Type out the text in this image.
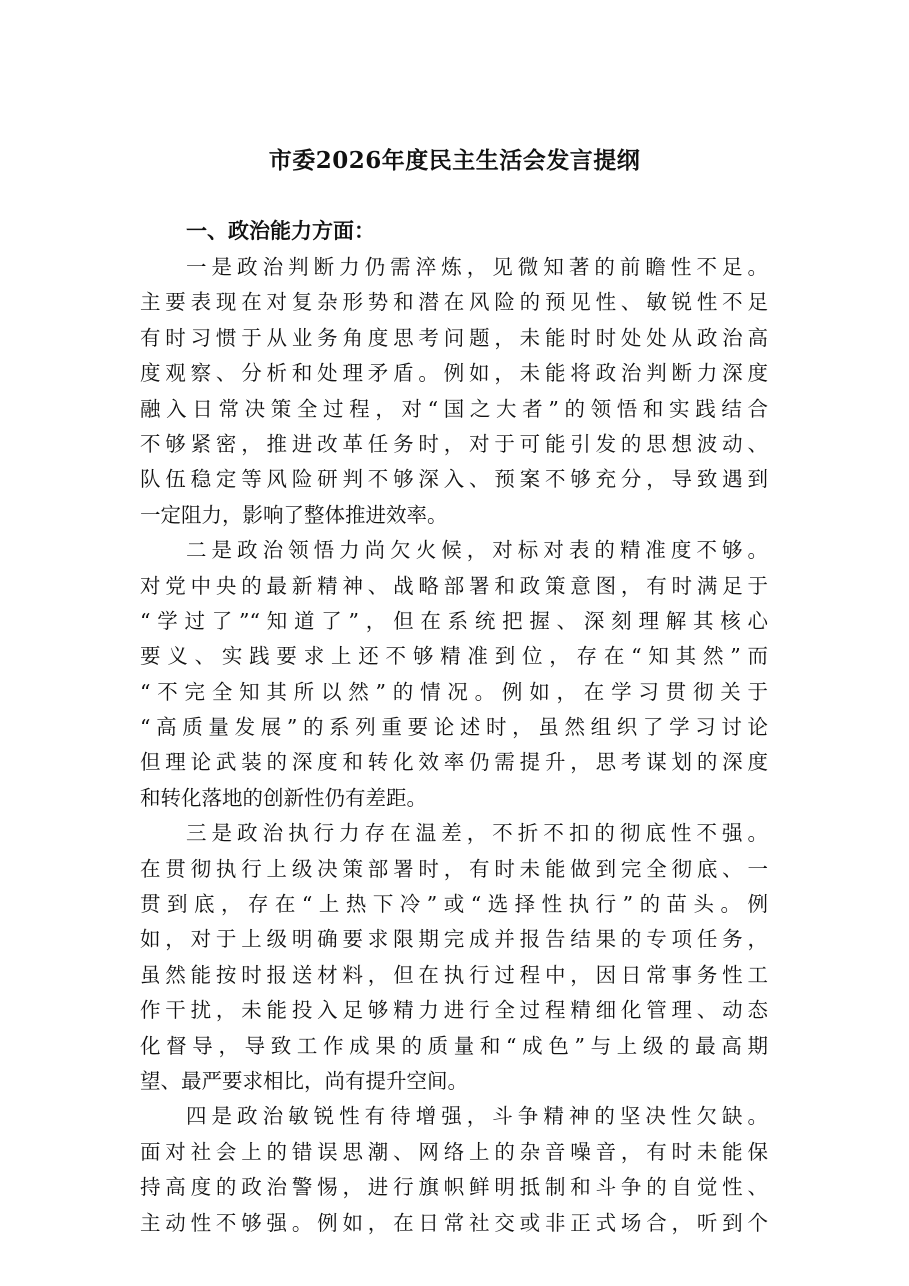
市委2026年度民主生活会发言提纲
一、政治能力方面：
一是政治判断力仍需淬炼，见微知著的前瞻性不足。
主要表现在对复杂形势和潜在风险的预见性、敏锐性不足
有时习惯于从业务角度思考问题，未能时时处处从政治高
度观察、分析和处理矛盾。例如，未能将政治判断力深度
融入日常决策全过程，对“国之大者”的领悟和实践结合
不够紧密，推进改革任务时，对于可能引发的思想波动、
队伍稳定等风险研判不够深入、预案不够充分，导致遇到
一定阻力，影响了整体推进效率。
二是政治领悟力尚欠火候，对标对表的精准度不够。
对党中央的最新精神、战略部署和政策意图，有时满足于
“学过了”“知道了”，但在系统把握、深刻理解其核心
要义、实践要求上还不够精准到位，存在“知其然”而
“不完全知其所以然”的情况。例如，在学习贯彻关于
“高质量发展”的系列重要论述时，虽然组织了学习讨论
但理论武装的深度和转化效率仍需提升，思考谋划的深度
和转化落地的创新性仍有差距。
三是政治执行力存在温差，不折不扣的彻底性不强。
在贯彻执行上级决策部署时，有时未能做到完全彻底、一
贯到底，存在“上热下冷”或“选择性执行”的苗头。例
如，对于上级明确要求限期完成并报告结果的专项任务，
虽然能按时报送材料，但在执行过程中，因日常事务性工
作干扰，未能投入足够精力进行全过程精细化管理、动态
化督导，导致工作成果的质量和“成色”与上级的最高期
望、最严要求相比，尚有提升空间。
四是政治敏锐性有待增强，斗争精神的坚决性欠缺。
面对社会上的错误思潮、网络上的杂音噪音，有时未能保
持高度的政治警惕，进行旗帜鲜明抵制和斗争的自觉性、
主动性不够强。例如，在日常社交或非正式场合，听到个
